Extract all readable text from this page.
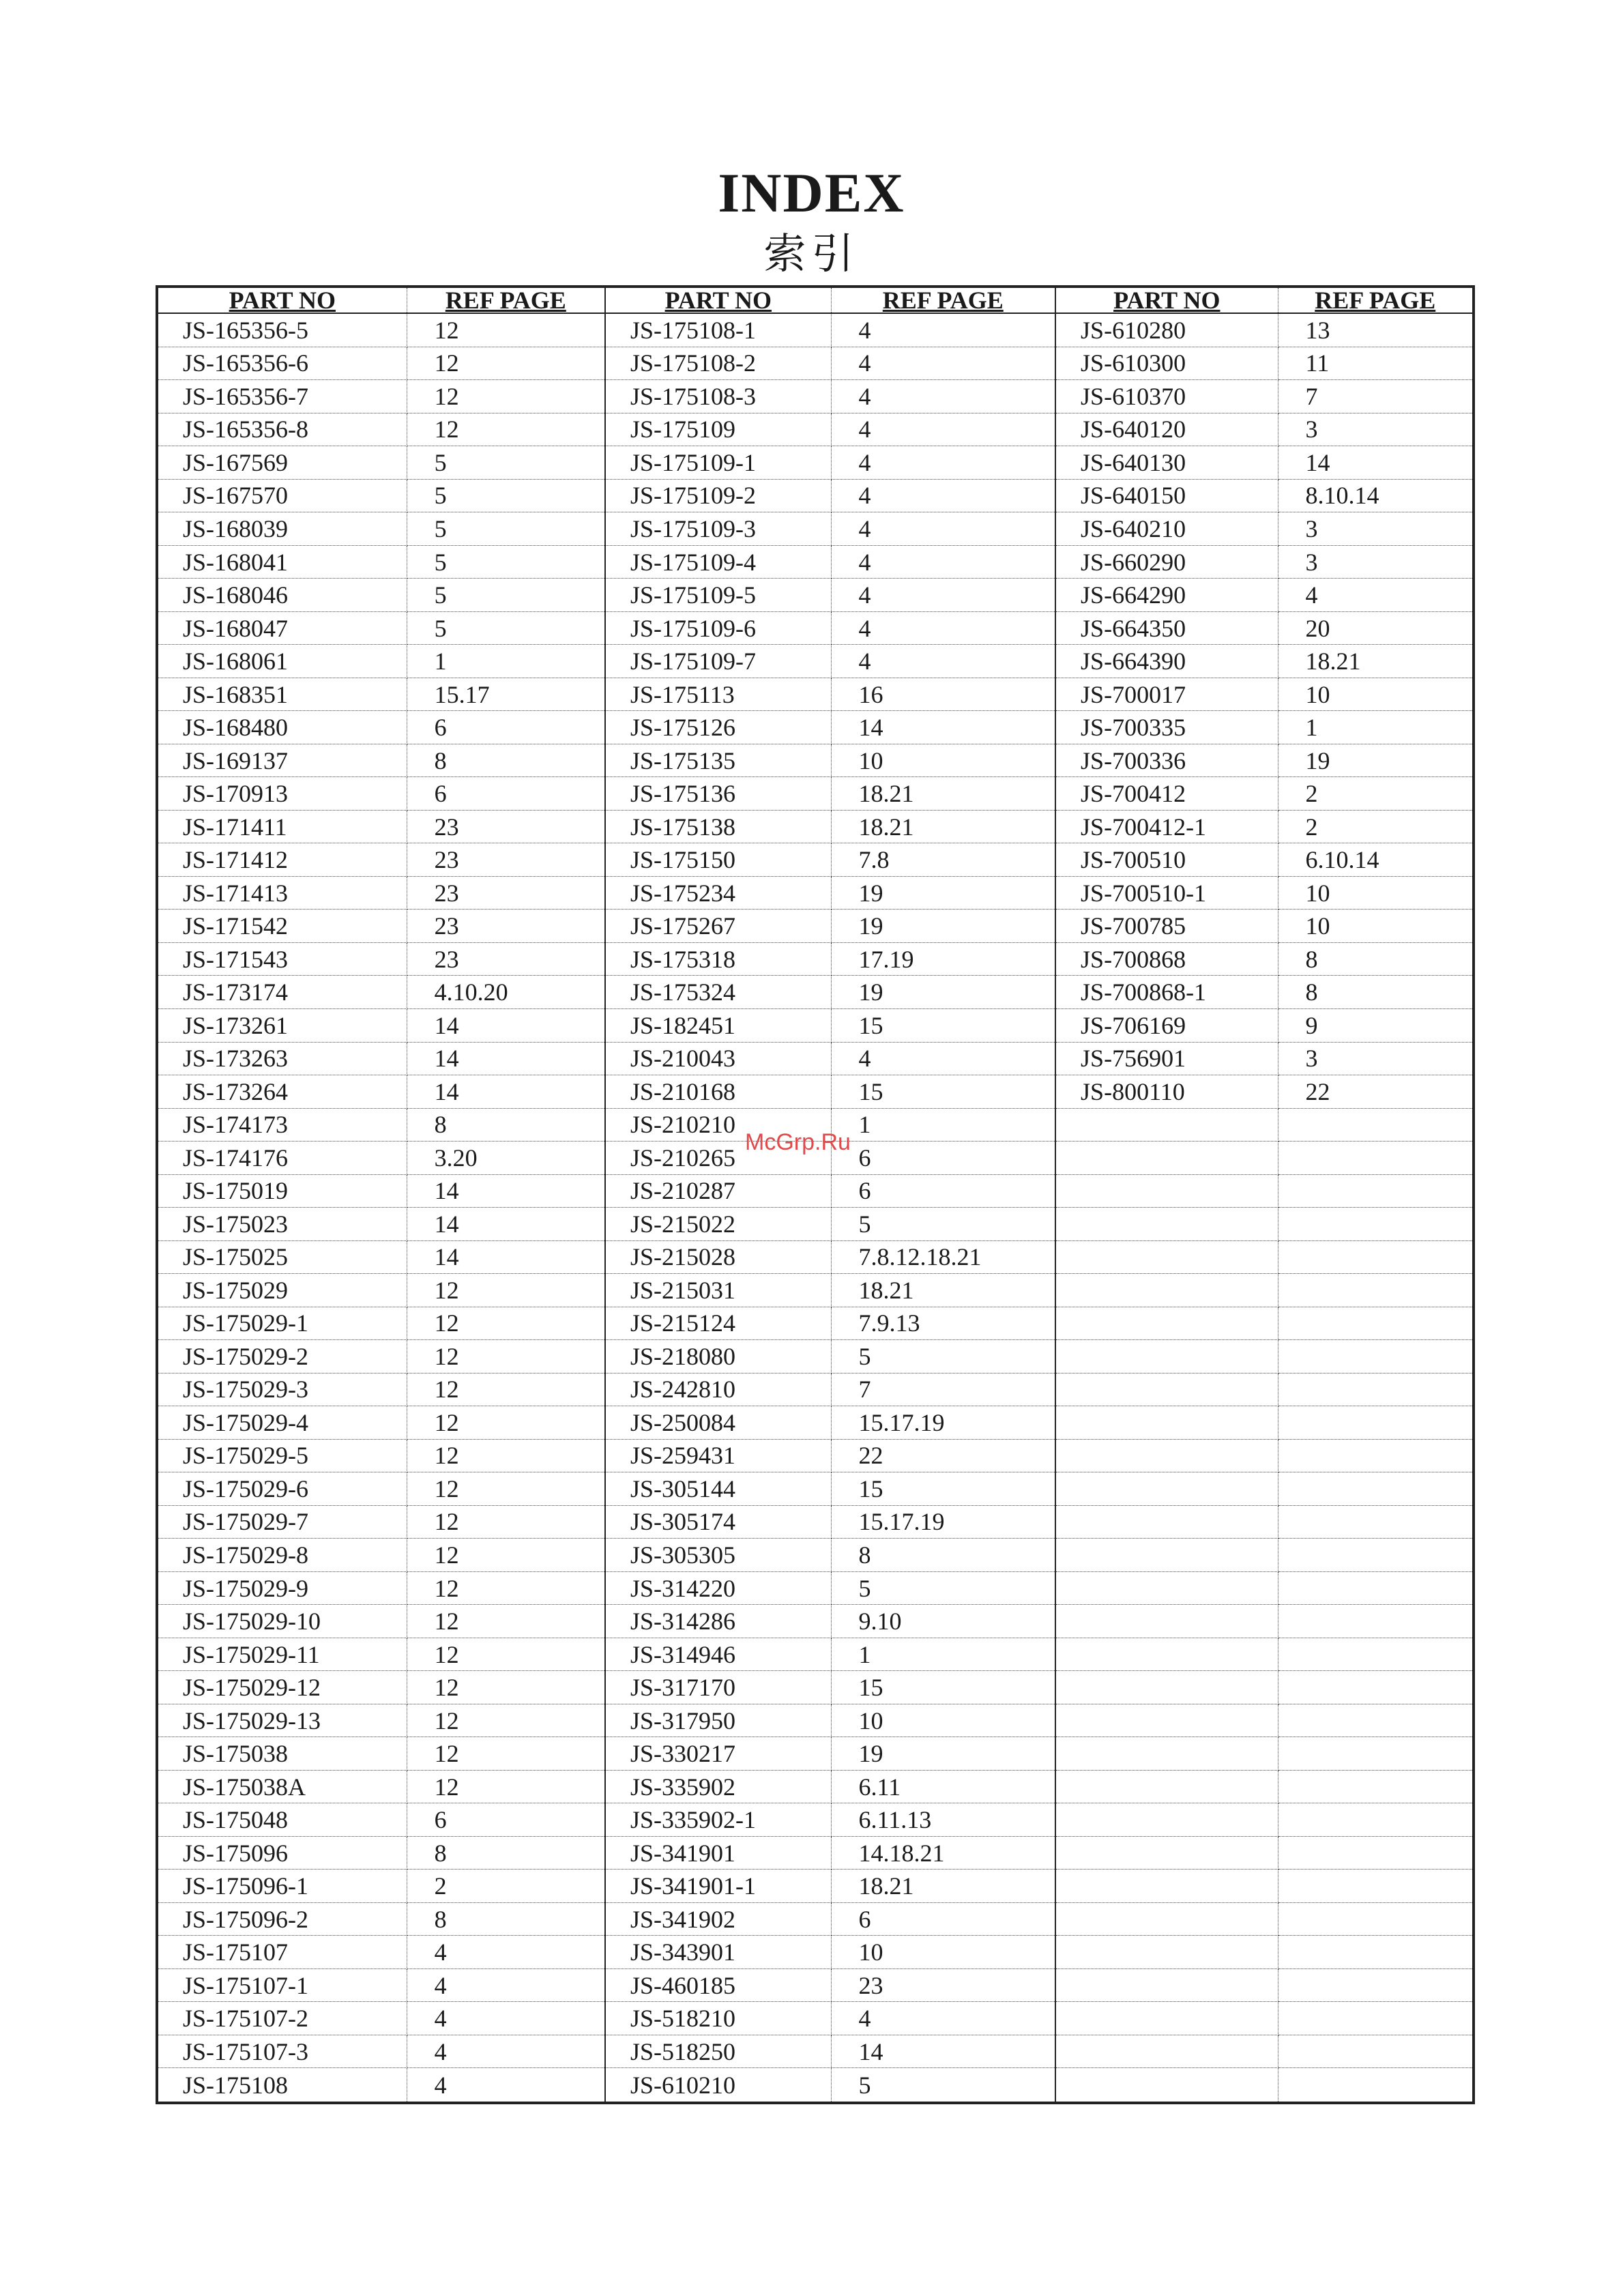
INDEX
索引
PART NO	REF PAGE	PART NO	REF PAGE	PART NO	REF PAGE
JS-165356-5	12	JS-175108-1	4	JS-610280	13
JS-165356-6	12	JS-175108-2	4	JS-610300	11
JS-165356-7	12	JS-175108-3	4	JS-610370	7
JS-165356-8	12	JS-175109	4	JS-640120	3
JS-167569	5	JS-175109-1	4	JS-640130	14
JS-167570	5	JS-175109-2	4	JS-640150	8.10.14
JS-168039	5	JS-175109-3	4	JS-640210	3
JS-168041	5	JS-175109-4	4	JS-660290	3
JS-168046	5	JS-175109-5	4	JS-664290	4
JS-168047	5	JS-175109-6	4	JS-664350	20
JS-168061	1	JS-175109-7	4	JS-664390	18.21
JS-168351	15.17	JS-175113	16	JS-700017	10
JS-168480	6	JS-175126	14	JS-700335	1
JS-169137	8	JS-175135	10	JS-700336	19
JS-170913	6	JS-175136	18.21	JS-700412	2
JS-171411	23	JS-175138	18.21	JS-700412-1	2
JS-171412	23	JS-175150	7.8	JS-700510	6.10.14
JS-171413	23	JS-175234	19	JS-700510-1	10
JS-171542	23	JS-175267	19	JS-700785	10
JS-171543	23	JS-175318	17.19	JS-700868	8
JS-173174	4.10.20	JS-175324	19	JS-700868-1	8
JS-173261	14	JS-182451	15	JS-706169	9
JS-173263	14	JS-210043	4	JS-756901	3
JS-173264	14	JS-210168	15	JS-800110	22
JS-174173	8	JS-210210	1		
JS-174176	3.20	JS-210265	6		
JS-175019	14	JS-210287	6		
JS-175023	14	JS-215022	5		
JS-175025	14	JS-215028	7.8.12.18.21		
JS-175029	12	JS-215031	18.21		
JS-175029-1	12	JS-215124	7.9.13		
JS-175029-2	12	JS-218080	5		
JS-175029-3	12	JS-242810	7		
JS-175029-4	12	JS-250084	15.17.19		
JS-175029-5	12	JS-259431	22		
JS-175029-6	12	JS-305144	15		
JS-175029-7	12	JS-305174	15.17.19		
JS-175029-8	12	JS-305305	8		
JS-175029-9	12	JS-314220	5		
JS-175029-10	12	JS-314286	9.10		
JS-175029-11	12	JS-314946	1		
JS-175029-12	12	JS-317170	15		
JS-175029-13	12	JS-317950	10		
JS-175038	12	JS-330217	19		
JS-175038A	12	JS-335902	6.11		
JS-175048	6	JS-335902-1	6.11.13		
JS-175096	8	JS-341901	14.18.21		
JS-175096-1	2	JS-341901-1	18.21		
JS-175096-2	8	JS-341902	6		
JS-175107	4	JS-343901	10		
JS-175107-1	4	JS-460185	23		
JS-175107-2	4	JS-518210	4		
JS-175107-3	4	JS-518250	14		
JS-175108	4	JS-610210	5		
McGrp.Ru
